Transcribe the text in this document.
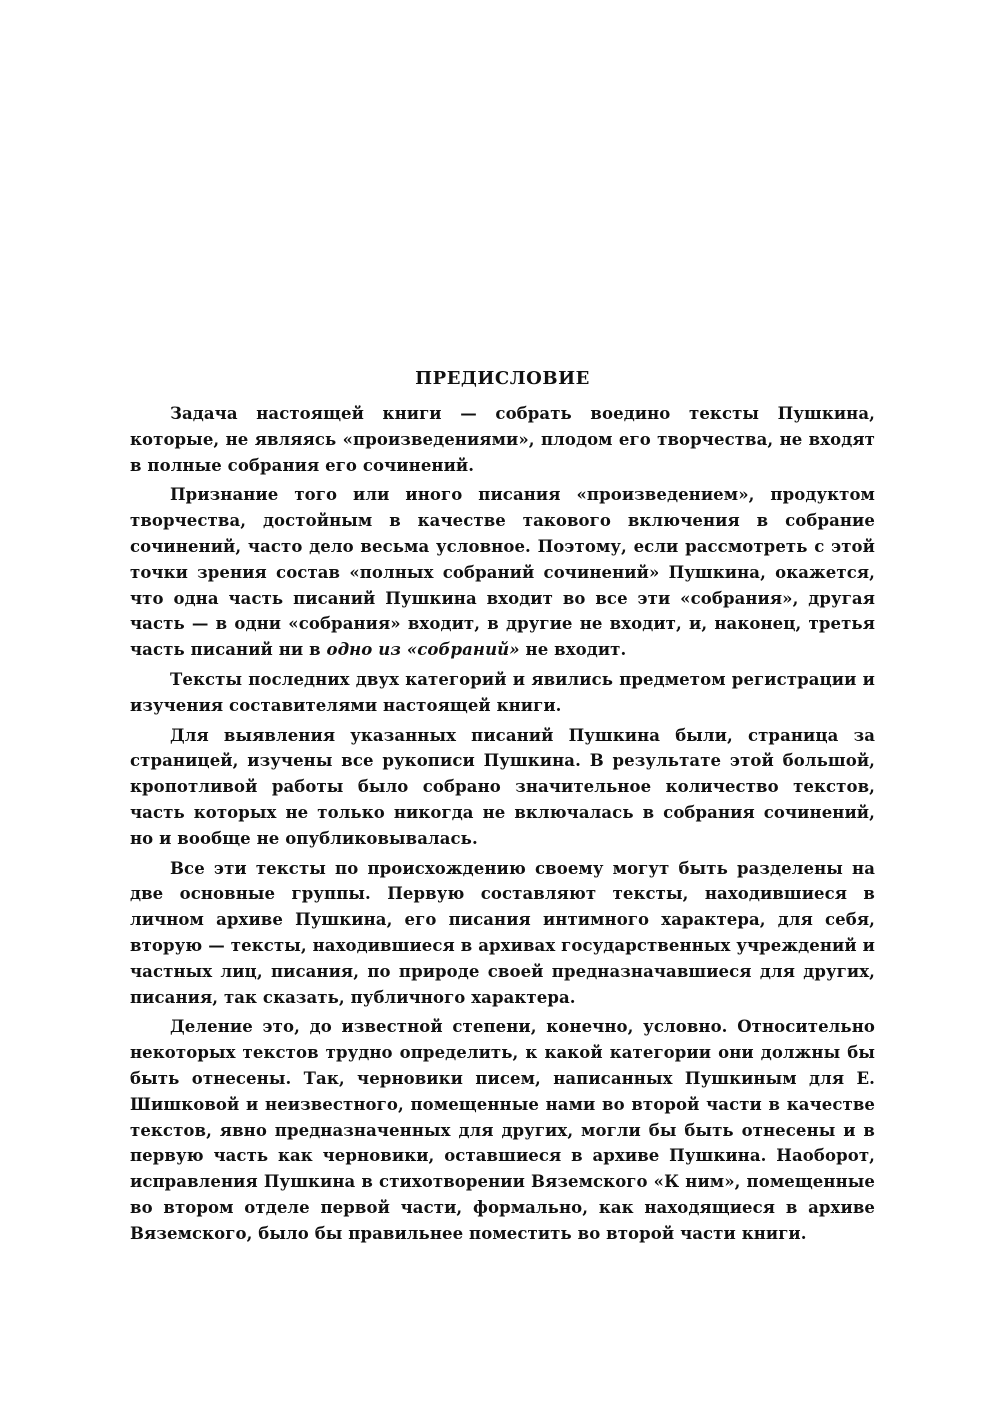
ПРЕДИСЛОВИЕ

Задача настоящей книги — собрать воедино тексты Пушкина, которые, не являясь «произведениями», плодом его творчества, не входят в полные собрания его сочинений.

Признание того или иного писания «произведением», продуктом творчества, достойным в качестве такового включения в собрание сочинений, часто дело весьма условное. Поэтому, если рассмотреть с этой точки зрения состав «полных собраний сочинений» Пушкина, окажется, что одна часть писаний Пушкина входит во все эти «собрания», другая часть — в одни «собрания» входит, в другие не входит, и, наконец, третья часть писаний ни в одно из «собраний» не входит.

Тексты последних двух категорий и явились предметом регистрации и изучения составителями настоящей книги.

Для выявления указанных писаний Пушкина были, страница за страницей, изучены все рукописи Пушкина. В результате этой большой, кропотливой работы было собрано значительное количество текстов, часть которых не только никогда не включалась в собрания сочинений, но и вообще не опубликовывалась.

Все эти тексты по происхождению своему могут быть разделены на две основные группы. Первую составляют тексты, находившиеся в личном архиве Пушкина, его писания интимного характера, для себя, вторую — тексты, находившиеся в архивах государственных учреждений и частных лиц, писания, по природе своей предназначавшиеся для других, писания, так сказать, публичного характера.

Деление это, до известной степени, конечно, условно. Относительно некоторых текстов трудно определить, к какой категории они должны бы быть отнесены. Так, черновики писем, написанных Пушкиным для Е. Шишковой и неизвестного, помещенные нами во второй части в качестве текстов, явно предназначенных для других, могли бы быть отнесены и в первую часть как черновики, оставшиеся в архиве Пушкина. Наоборот, исправления Пушкина в стихотворении Вяземского «К ним», помещенные во втором отделе первой части, формально, как находящиеся в архиве Вяземского, было бы правильнее поместить во второй части книги.
